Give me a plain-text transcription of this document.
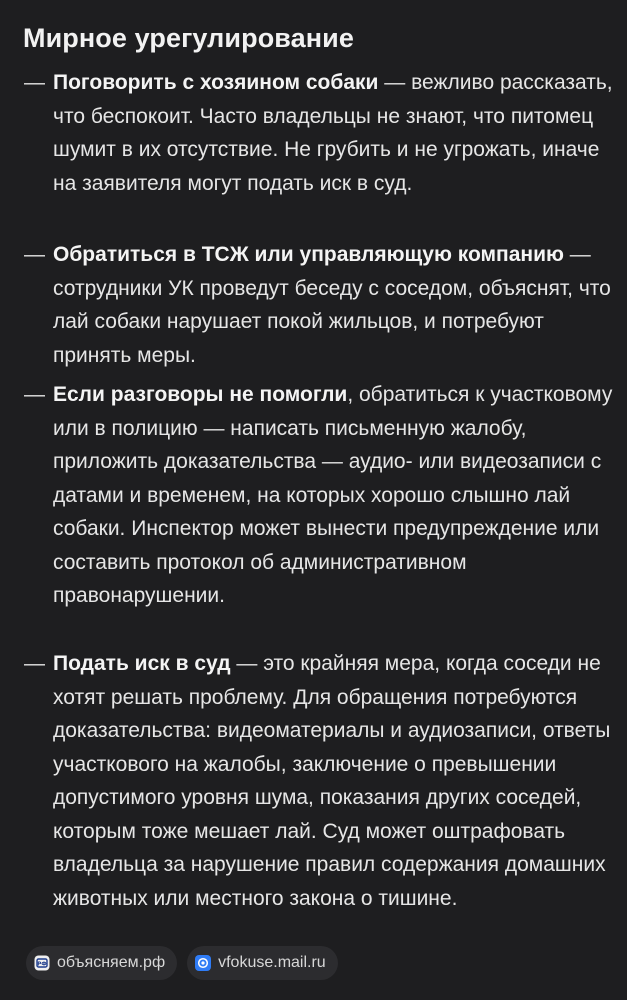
Мирное урегулирование
— Поговорить с хозяином собаки — вежливо рассказать, что беспокоит. Часто владельцы не знают, что питомец шумит в их отсутствие. Не грубить и не угрожать, иначе на заявителя могут подать иск в суд.
— Обратиться в ТСЖ или управляющую компанию — сотрудники УК проведут беседу с соседом, объяснят, что лай собаки нарушает покой жильцов, и потребуют принять меры.
— Если разговоры не помогли, обратиться к участковому или в полицию — написать письменную жалобу, приложить доказательства — аудио- или видеозаписи с датами и временем, на которых хорошо слышно лай собаки. Инспектор может вынести предупреждение или составить протокол об административном правонарушении.
— Подать иск в суд — это крайняя мера, когда соседи не хотят решать проблему. Для обращения потребуются доказательства: видеоматериалы и аудиозаписи, ответы участкового на жалобы, заключение о превышении допустимого уровня шума, показания других соседей, которым тоже мешает лай. Суд может оштрафовать владельца за нарушение правил содержания домашних животных или местного закона о тишине.
РФ объясняем.рф	vfokuse.mail.ru
